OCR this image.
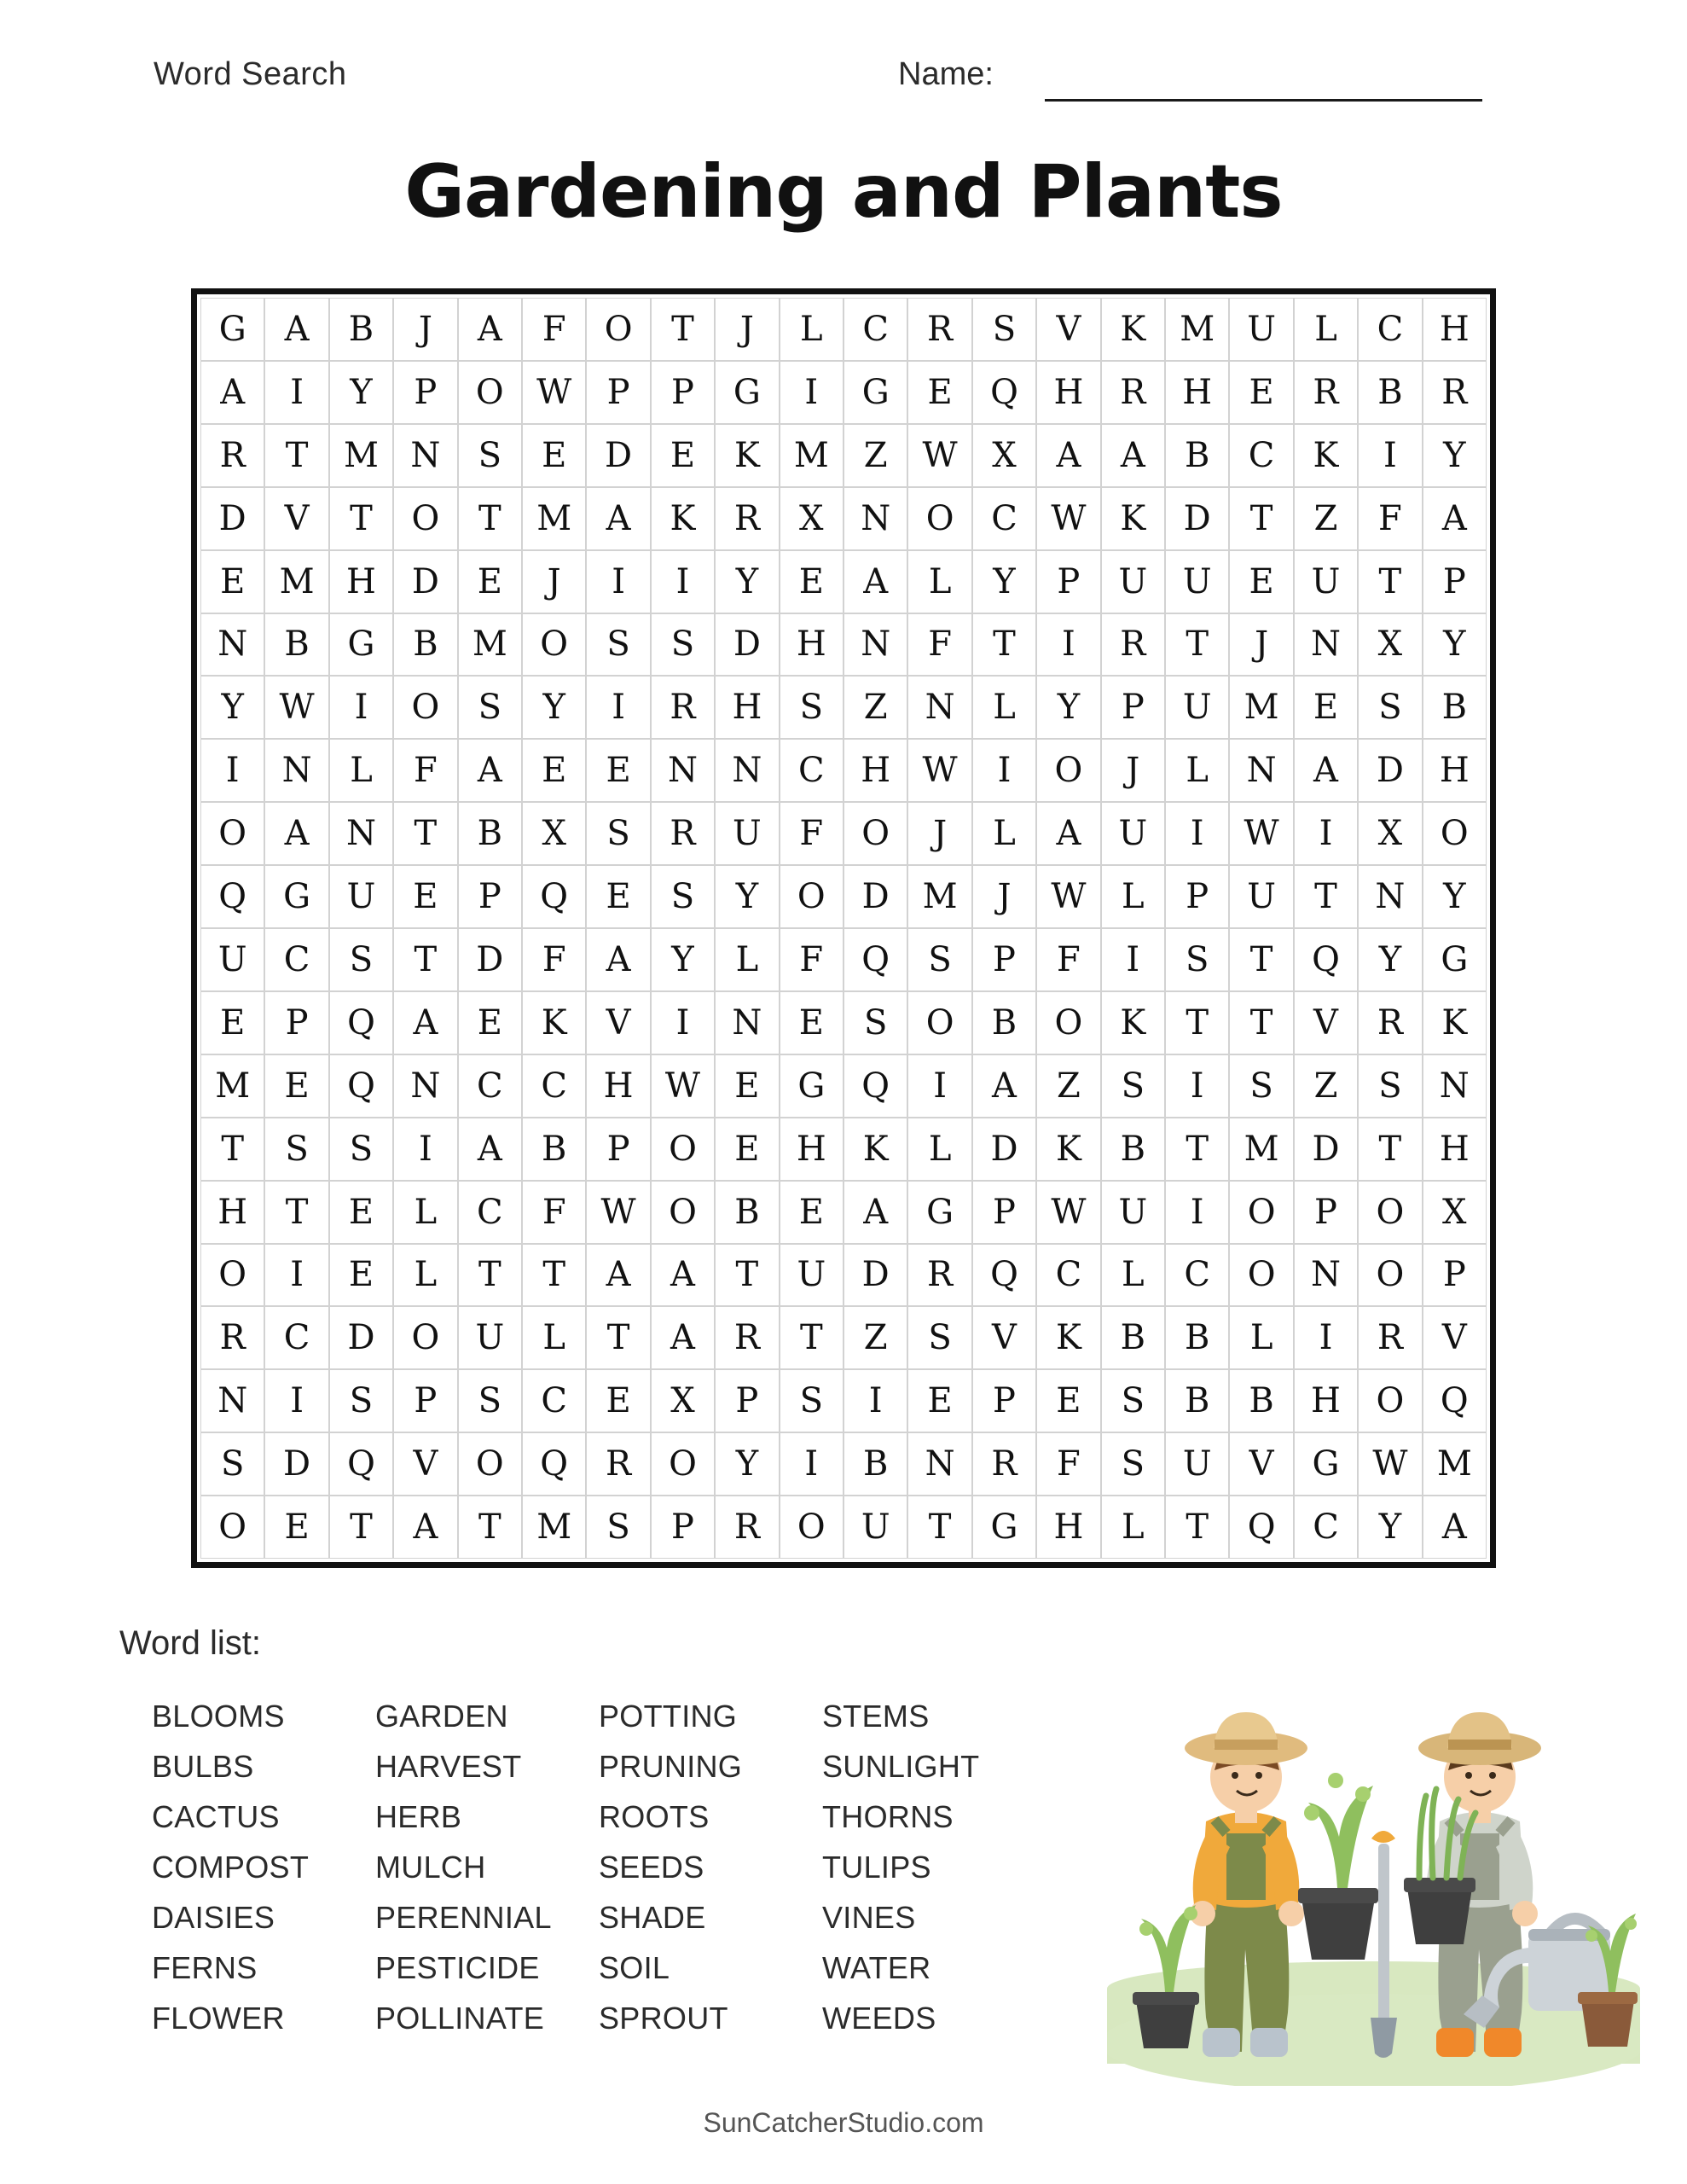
Word Search	Name:
Gardening and Plants
G	A	B	J	A	F	O	T	J	L	C	R	S	V	K M U	L	C	H
A	I	Y	P	O W	P	P	G	I	G	E	Q	H	R	H	E	R	B	R
R	T	M N	S	E	D	E	K M	Z	W	X	A	A	B	C	K	I	Y
D	V	T	O	T	M	A	K	R	X	N	O	C W K	D	T	Z	F	A
E	M H	D	E	J	I	I	Y	E	A	L	Y	P	U	U	E	U	T	P
N	B	G	B	M O	S	S	D	H	N	F	T	I	R	T	J	N	X	Y
Y	W	I	O	S	Y	I	R	H	S	Z	N	L	Y	P	U M	E	S	B
I	N	L	F	A	E	E	N	N	C	H W	I	O	J	L	N	A	D	H
O	A	N	T	B	X	S	R	U	F	O	J	L	A	U	I	W	I	X	O
Q	G	U	E	P	Q	E	S	Y	O	D M	J	W	L	P	U	T	N	Y
U	C	S	T	D	F	A	Y	L	F	Q	S	P	F	I	S	T	Q	Y	G
E	P	Q	A	E	K	V	I	N	E	S	O	B	O	K	T	T	V	R	K
M	E	Q	N	C	C	H W	E	G	Q	I	A	Z	S	I	S	Z	S	N
T	S	S	I	A	B	P	O	E	H	K	L	D	K	B	T	M D	T	H
H	T	E	L	C	F	W O	B	E	A	G	P	W U	I	O	P	O	X
O	I	E	L	T	T	A	A	T	U	D	R	Q	C	L	C	O	N	O	P
R	C	D	O	U	L	T	A	R	T	Z	S	V	K	B	B	L	I	R	V
N	I	S	P	S	C	E	X	P	S	I	E	P	E	S	B	B	H	O	Q
S	D	Q	V	O	Q	R	O	Y	I	B	N	R	F	S	U	V	G W M
O	E	T	A	T	M	S	P	R	O	U	T	G	H	L	T	Q	C	Y	A
Word list:
BLOOMS
BULBS
CACTUS
COMPOST
DAISIES
FERNS
FLOWER
GARDEN
HARVEST
HERB
MULCH
PERENNIAL
PESTICIDE
POLLINATE
POTTING
PRUNING
ROOTS
SEEDS
SHADE
SOIL
SPROUT
STEMS
SUNLIGHT
THORNS
TULIPS
VINES
WATER
WEEDS
SunCatcherStudio.com
